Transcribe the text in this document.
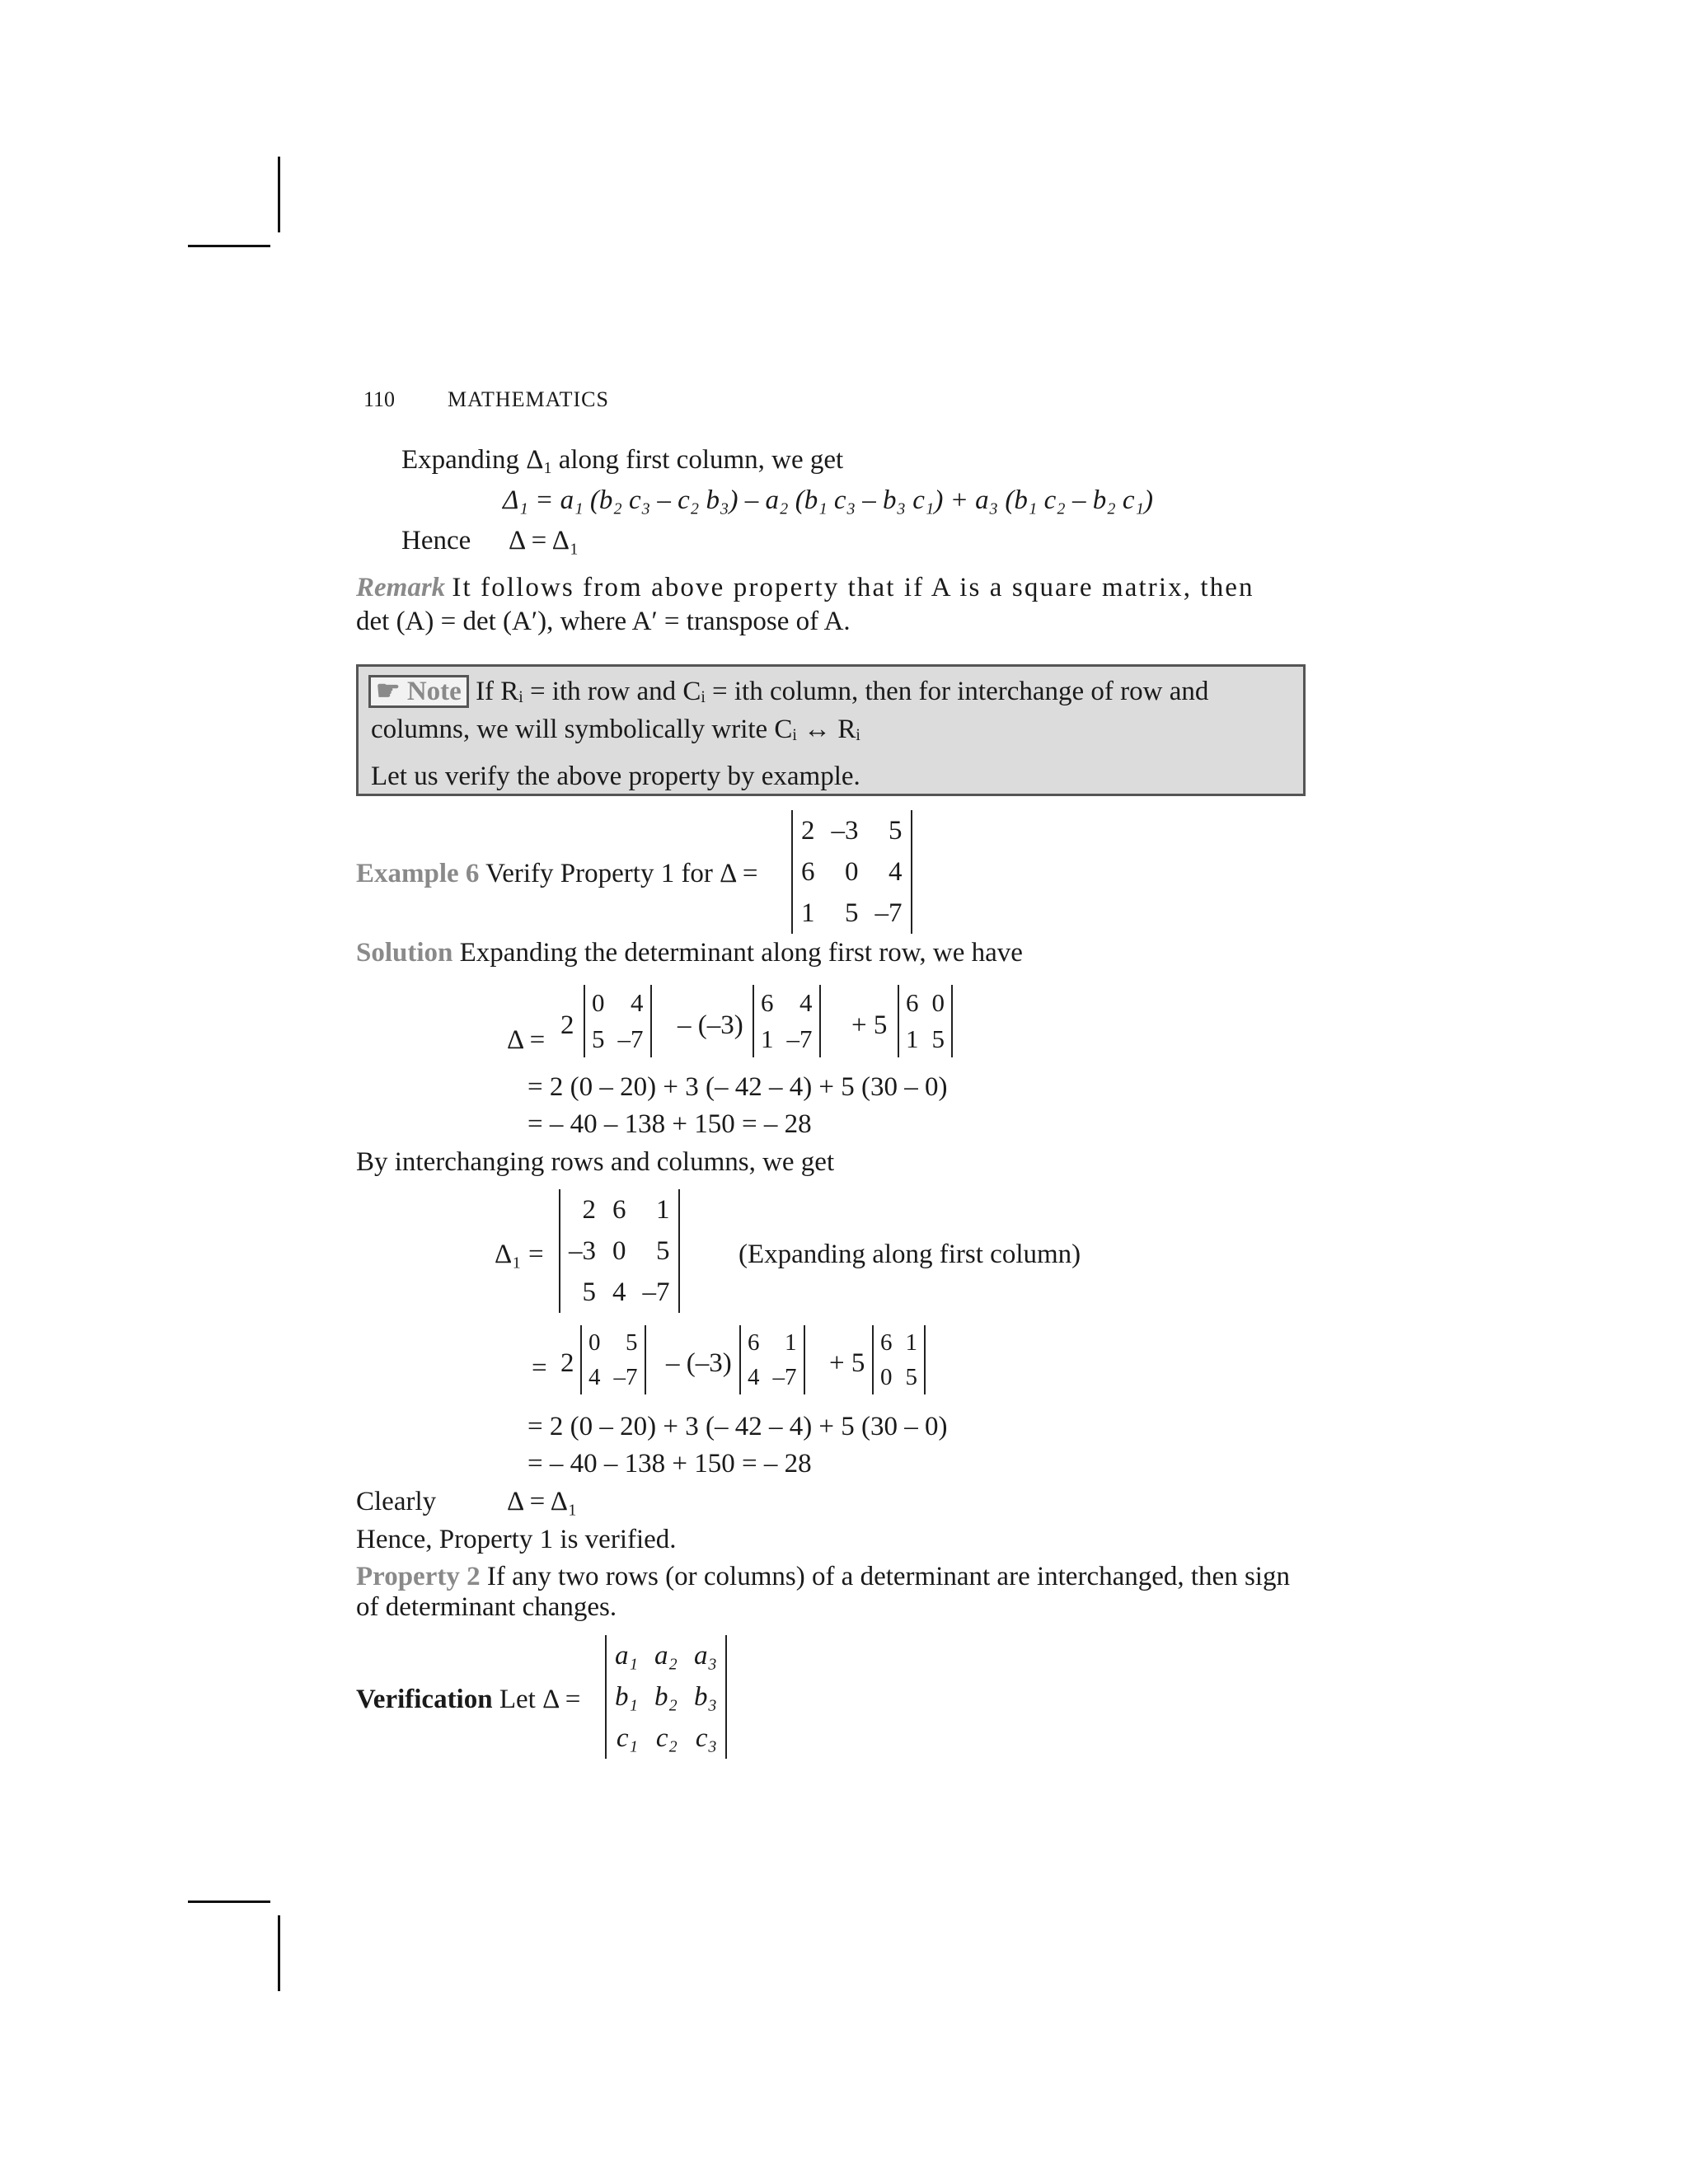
110 MATHEMATICS
Expanding $\Delta_1$ along first column, we get
Δ₁ = a₁ (b₂ c₃ – c₂ b₃) – a₂ (b₁ c₃ – b₃ c₁) + a₃ (b₁ c₂ – b₂ c₁)
Hence Δ = Δ₁
Remark It follows from above property that if A is a square matrix, then
det (A) = det (A′), where A′ = transpose of A.
☛ Note If Rᵢ = ith row and Cᵢ = ith column, then for interchange of row and
columns, we will symbolically write Cᵢ ↔ Rᵢ
Let us verify the above property by example.
Example 6 Verify Property 1 for Δ =
2	–3	5
6	0	4
1	5	–7
Solution Expanding the determinant along first row, we have
Δ = 2
0	4
5	–7 – (–3)
6	4
1	–7 + 5
6	0
1	5
= 2 (0 – 20) + 3 (– 42 – 4) + 5 (30 – 0)
= – 40 – 138 + 150 = – 28
By interchanging rows and columns, we get
Δ₁ =
2	6	1
–3	0	5
5	4	–7
(Expanding along first column)
= 2
0	5
4	–7 – (–3)
6	1
4	–7 + 5
6	1
0	5
= 2 (0 – 20) + 3 (– 42 – 4) + 5 (30 – 0)
= – 40 – 138 + 150 = – 28
Clearly	Δ = Δ₁
Hence, Property 1 is verified.
Property 2 If any two rows (or columns) of a determinant are interchanged, then sign
of determinant changes.
Verification Let Δ =
a₁	a₂	a₃
b₁	b₂	b₃
c₁	c₂	c₃
